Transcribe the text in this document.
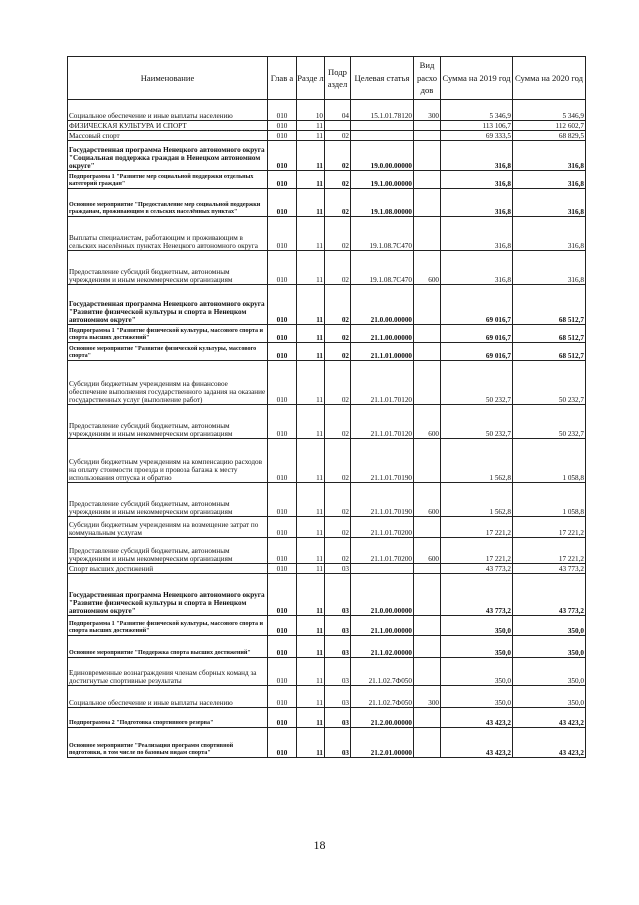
Наименование	Глав а	Разде л	Подр аздел	Целевая статья	Вид расхо дов	Сумма на 2019 год	Сумма на 2020 год
Социальное обеспечение и иные выплаты населению	010	10	04	15.1.01.78120	300	5 346,9	5 346,9
ФИЗИЧЕСКАЯ КУЛЬТУРА И СПОРТ	010	11				113 106,7	112 602,7
Массовый спорт	010	11	02			69 333,5	68 829,5
Государственная программа Ненецкого автономного округа "Социальная поддержка граждан в Ненецком автономном округе"	010	11	02	19.0.00.00000		316,8	316,8
Подпрограмма 1 "Развитие мер социальной поддержки отдельных категорий граждан"	010	11	02	19.1.00.00000		316,8	316,8
Основное мероприятие "Предоставление мер социальной поддержки гражданам, проживающим в сельских населённых пунктах"	010	11	02	19.1.08.00000		316,8	316,8
Выплаты специалистам, работающим и проживающим в сельских населённых пунктах Ненецкого автономного округа	010	11	02	19.1.08.7С470		316,8	316,8
Предоставление субсидий бюджетным, автономным учреждениям и иным некоммерческим организациям	010	11	02	19.1.08.7С470	600	316,8	316,8
Государственная программа Ненецкого автономного округа "Развитие физической культуры и спорта в Ненецком автономном округе"	010	11	02	21.0.00.00000		69 016,7	68 512,7
Подпрограмма 1 "Развитие физической культуры, массового спорта и спорта высших достижений"	010	11	02	21.1.00.00000		69 016,7	68 512,7
Основное мероприятие "Развитие физической культуры, массового спорта"	010	11	02	21.1.01.00000		69 016,7	68 512,7
Субсидии бюджетным учреждениям на финансовое обеспечение выполнения государственного задания на оказание государственных услуг (выполнение работ)	010	11	02	21.1.01.70120		50 232,7	50 232,7
Предоставление субсидий бюджетным, автономным учреждениям и иным некоммерческим организациям	010	11	02	21.1.01.70120	600	50 232,7	50 232,7
Субсидии бюджетным учреждениям на компенсацию расходов на оплату стоимости проезда и провоза багажа к месту использования отпуска и обратно	010	11	02	21.1.01.70190		1 562,8	1 058,8
Предоставление субсидий бюджетным, автономным учреждениям и иным некоммерческим организациям	010	11	02	21.1.01.70190	600	1 562,8	1 058,8
Субсидии бюджетным учреждениям на возмещение затрат по коммунальным услугам	010	11	02	21.1.01.70200		17 221,2	17 221,2
Предоставление субсидий бюджетным, автономным учреждениям и иным некоммерческим организациям	010	11	02	21.1.01.70200	600	17 221,2	17 221,2
Спорт высших достижений	010	11	03			43 773,2	43 773,2
Государственная программа Ненецкого автономного округа "Развитие физической культуры и спорта в Ненецком автономном округе"	010	11	03	21.0.00.00000		43 773,2	43 773,2
Подпрограмма 1 "Развитие физической культуры, массового спорта и спорта высших достижений"	010	11	03	21.1.00.00000		350,0	350,0
Основное мероприятие "Поддержка спорта высших достижений"	010	11	03	21.1.02.00000		350,0	350,0
Единовременные вознаграждения членам сборных команд за достигнутые спортивные результаты	010	11	03	21.1.02.7Ф050		350,0	350,0
Социальное обеспечение и иные выплаты населению	010	11	03	21.1.02.7Ф050	300	350,0	350,0
Подпрограмма 2 "Подготовка спортивного резерва"	010	11	03	21.2.00.00000		43 423,2	43 423,2
Основное мероприятие "Реализация программ спортивной подготовки, в том числе по базовым видам спорта"	010	11	03	21.2.01.00000		43 423,2	43 423,2
18
